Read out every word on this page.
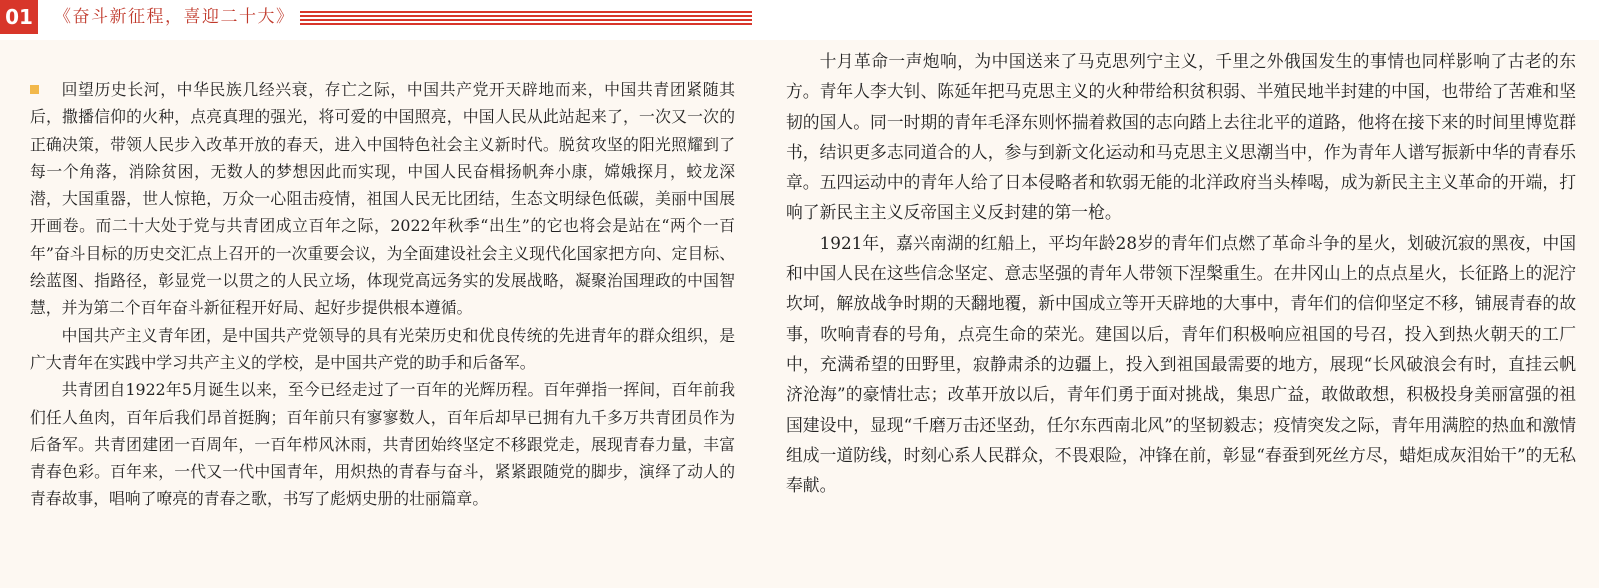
01 《奋斗新征程，喜迎二十大》

回望历史长河，中华民族几经兴衰，存亡之际，中国共产党开天辟地而来，中国共青团紧随其后，撒播信仰的火种，点亮真理的强光，将可爱的中国照亮，中国人民从此站起来了，一次又一次的正确决策，带领人民步入改革开放的春天，进入中国特色社会主义新时代。脱贫攻坚的阳光照耀到了每一个角落，消除贫困，无数人的梦想因此而实现，中国人民奋楫扬帆奔小康，嫦娥探月，蛟龙深潜，大国重器，世人惊艳，万众一心阻击疫情，祖国人民无比团结，生态文明绿色低碳，美丽中国展开画卷。而二十大处于党与共青团成立百年之际，2022年秋季“出生”的它也将会是站在“两个一百年”奋斗目标的历史交汇点上召开的一次重要会议，为全面建设社会主义现代化国家把方向、定目标、绘蓝图、指路径，彰显党一以贯之的人民立场，体现党高远务实的发展战略，凝聚治国理政的中国智慧，并为第二个百年奋斗新征程开好局、起好步提供根本遵循。

中国共产主义青年团，是中国共产党领导的具有光荣历史和优良传统的先进青年的群众组织，是广大青年在实践中学习共产主义的学校，是中国共产党的助手和后备军。

共青团自1922年5月诞生以来，至今已经走过了一百年的光辉历程。百年弹指一挥间，百年前我们任人鱼肉，百年后我们昂首挺胸；百年前只有寥寥数人，百年后却早已拥有九千多万共青团员作为后备军。共青团建团一百周年，一百年栉风沐雨，共青团始终坚定不移跟党走，展现青春力量，丰富青春色彩。百年来，一代又一代中国青年，用炽热的青春与奋斗，紧紧跟随党的脚步，演绎了动人的青春故事，唱响了嘹亮的青春之歌，书写了彪炳史册的壮丽篇章。

十月革命一声炮响，为中国送来了马克思列宁主义，千里之外俄国发生的事情也同样影响了古老的东方。青年人李大钊、陈延年把马克思主义的火种带给积贫积弱、半殖民地半封建的中国，也带给了苦难和坚韧的国人。同一时期的青年毛泽东则怀揣着救国的志向踏上去往北平的道路，他将在接下来的时间里博览群书，结识更多志同道合的人，参与到新文化运动和马克思主义思潮当中，作为青年人谱写振新中华的青春乐章。五四运动中的青年人给了日本侵略者和软弱无能的北洋政府当头棒喝，成为新民主主义革命的开端，打响了新民主主义反帝国主义反封建的第一枪。

1921年，嘉兴南湖的红船上，平均年龄28岁的青年们点燃了革命斗争的星火，划破沉寂的黑夜，中国和中国人民在这些信念坚定、意志坚强的青年人带领下涅槃重生。在井冈山上的点点星火，长征路上的泥泞坎坷，解放战争时期的天翻地覆，新中国成立等开天辟地的大事中，青年们的信仰坚定不移，铺展青春的故事，吹响青春的号角，点亮生命的荣光。建国以后，青年们积极响应祖国的号召，投入到热火朝天的工厂中，充满希望的田野里，寂静肃杀的边疆上，投入到祖国最需要的地方，展现“长风破浪会有时，直挂云帆济沧海”的豪情壮志；改革开放以后，青年们勇于面对挑战，集思广益，敢做敢想，积极投身美丽富强的祖国建设中，显现“千磨万击还坚劲，任尔东西南北风”的坚韧毅志；疫情突发之际，青年用满腔的热血和激情组成一道防线，时刻心系人民群众，不畏艰险，冲锋在前，彰显“春蚕到死丝方尽，蜡炬成灰泪始干”的无私奉献。
